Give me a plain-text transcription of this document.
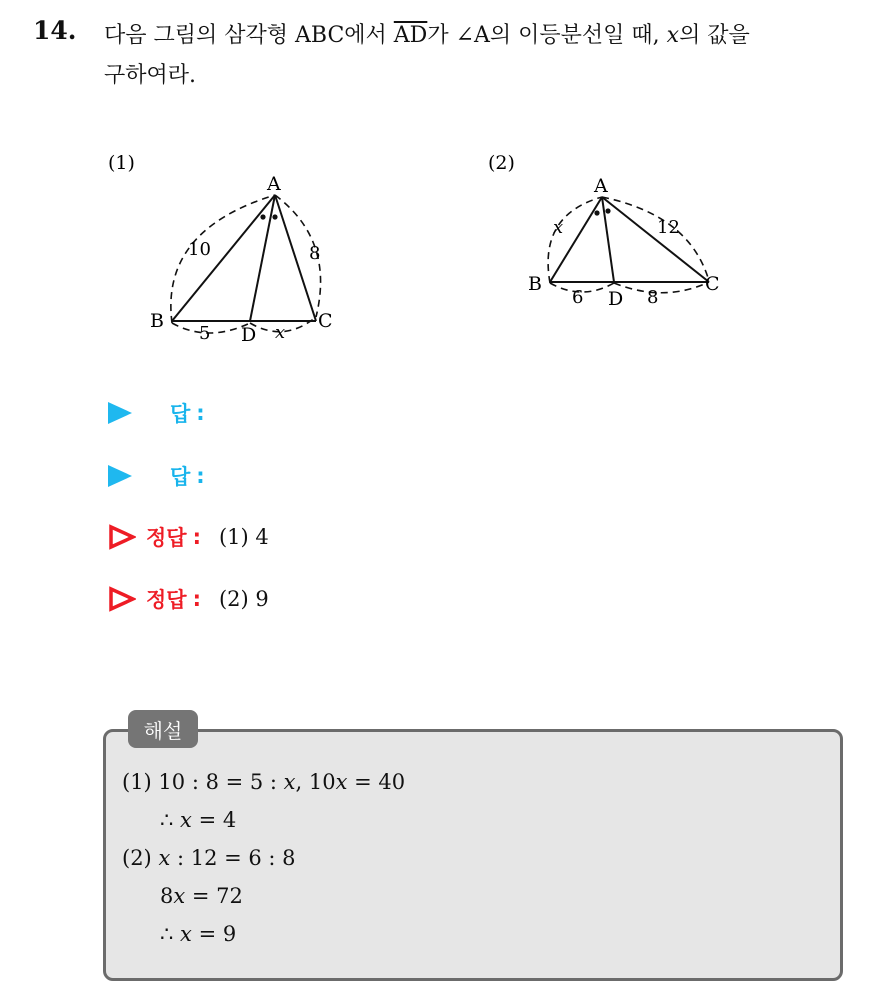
14. 다음 그림의 삼각형 ABC에서 $\overline{AD}$가 ∠A의 이등분선일 때, x의 값을
구하여라.
(1)
A
B	C
D
10	8
5	x
(2)
A
B	C
D
x	12
6	8
답 :
답 :
정답 : (1) 4
정답 : (2) 9
해설
(1) 10 : 8 = 5 : x, 10x = 40
∴ x = 4
(2) x : 12 = 6 : 8
8x = 72
∴ x = 9
